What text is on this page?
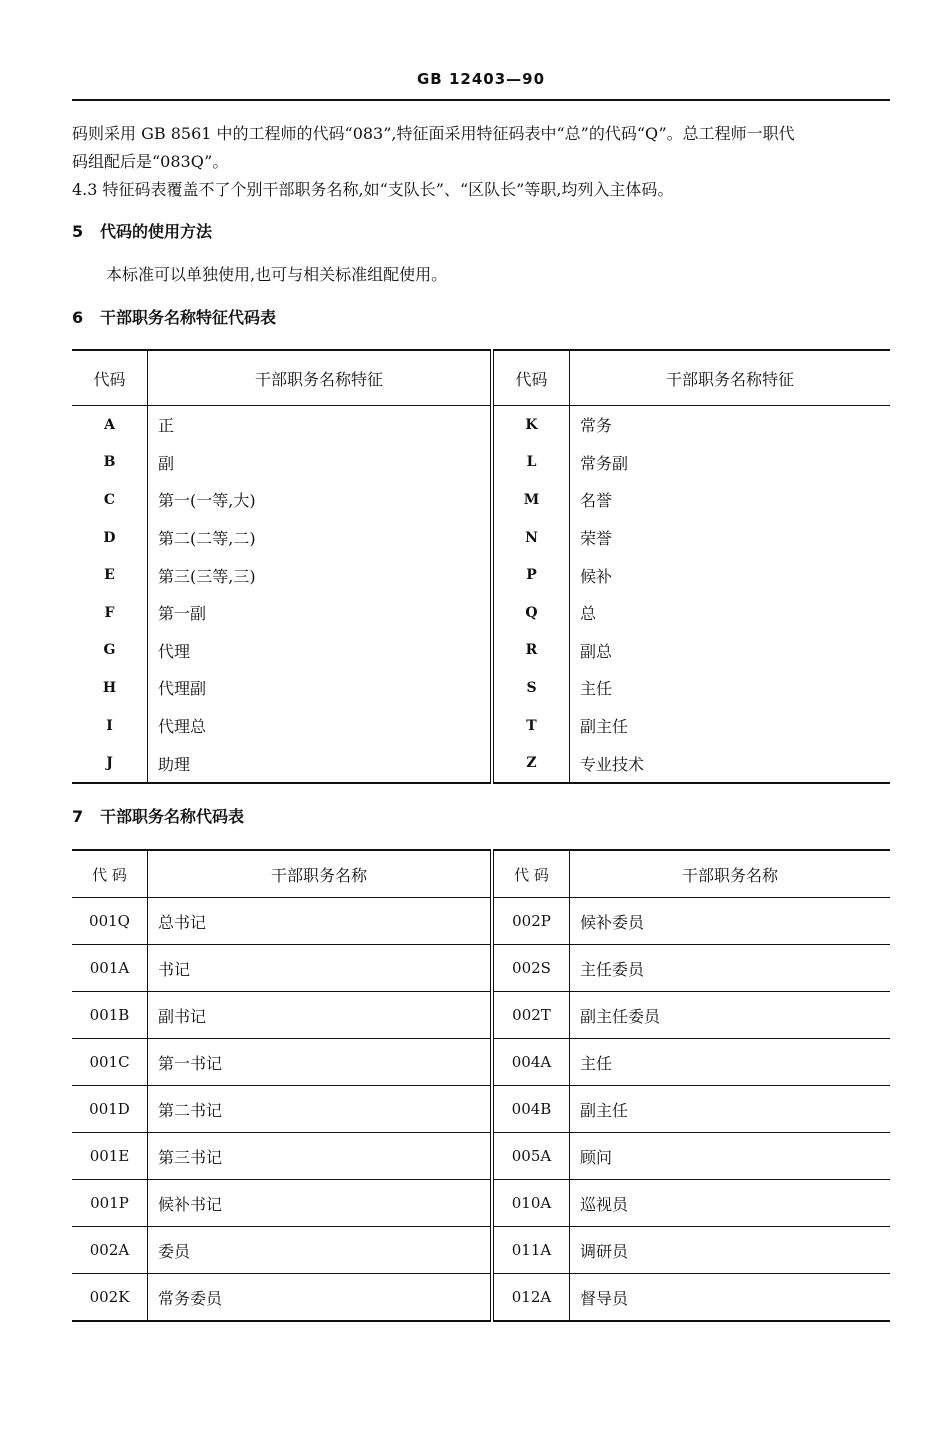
GB 12403—90

码则采用 GB 8561 中的工程师的代码“083”,特征面采用特征码表中“总”的代码“Q”。总工程师一职代

码组配后是“083Q”。

4.3 特征码表覆盖不了个别干部职务名称,如“支队长”、“区队长”等职,均列入主体码。

5 代码的使用方法

本标准可以单独使用,也可与相关标准组配使用。

6 干部职务名称特征代码表
代码	干部职务名称特征	代码	干部职务名称特征
A	正	K	常务
B	副	L	常务副
C	第一(一等,大)	M	名誉
D	第二(二等,二)	N	荣誉
E	第三(三等,三)	P	候补
F	第一副	Q	总
G	代理	R	副总
H	代理副	S	主任
I	代理总	T	副主任
J	助理	Z	专业技术
7 干部职务名称代码表
代 码	干部职务名称	代 码	干部职务名称
001Q	总书记	002P	候补委员
001A	书记	002S	主任委员
001B	副书记	002T	副主任委员
001C	第一书记	004A	主任
001D	第二书记	004B	副主任
001E	第三书记	005A	顾问
001P	候补书记	010A	巡视员
002A	委员	011A	调研员
002K	常务委员	012A	督导员
